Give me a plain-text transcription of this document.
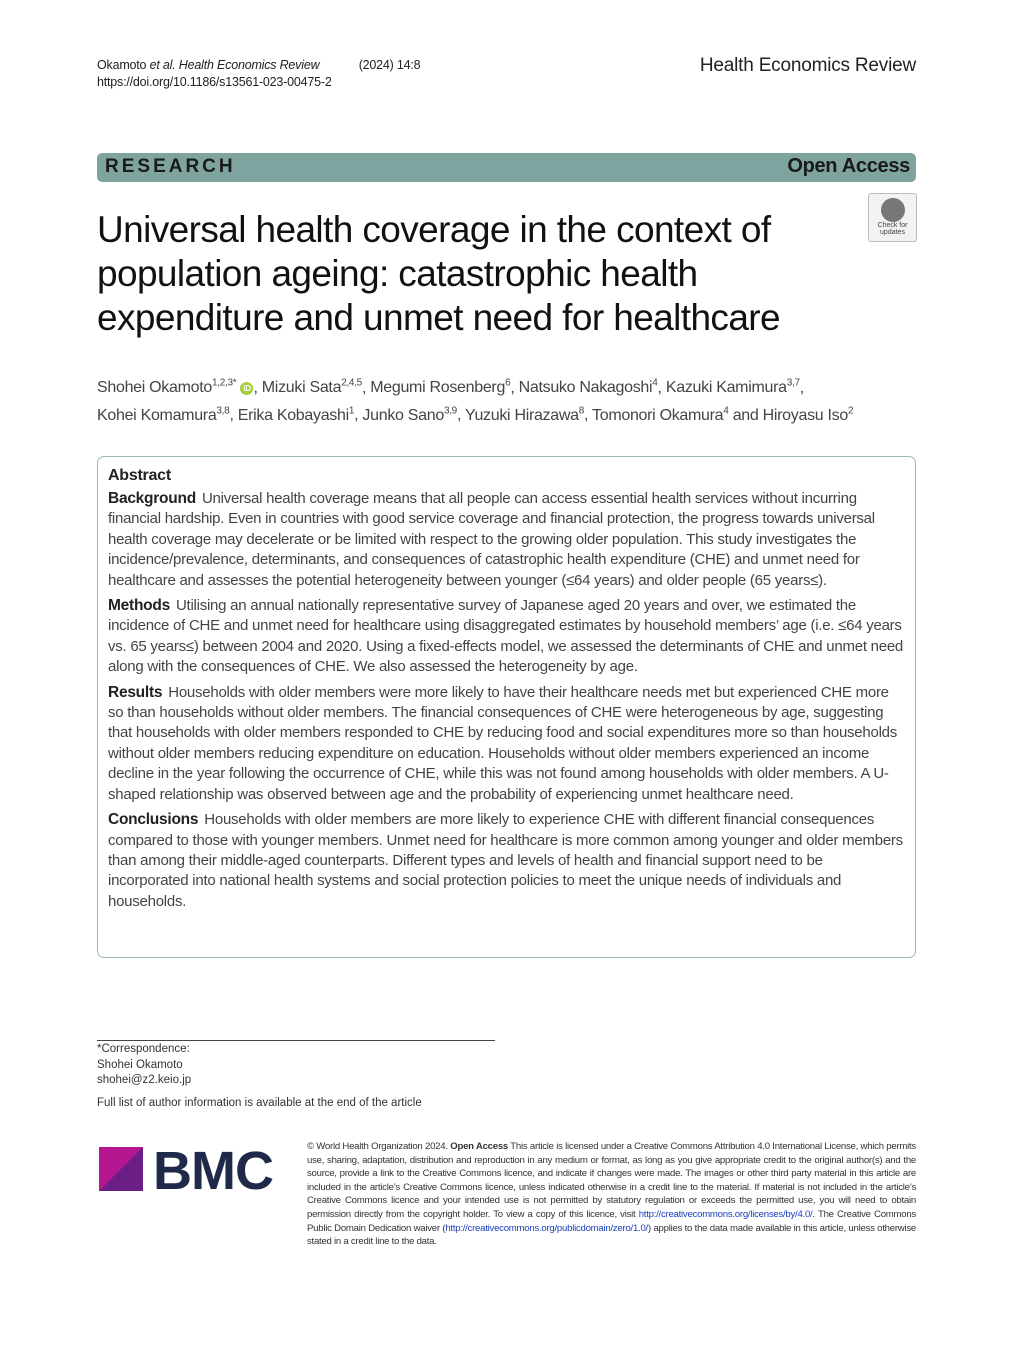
Okamoto et al. Health Economics Review	(2024) 14:8
https://doi.org/10.1186/s13561-023-00475-2
Health Economics Review
RESEARCH	Open Access
Universal health coverage in the context of population ageing: catastrophic health expenditure and unmet need for healthcare
Check for updates
Shohei Okamoto$^{1,2,3*}$ iD , Mizuki Sata$^{2,4,5}$, Megumi Rosenberg$^6$, Natsuko Nakagoshi$^4$, Kazuki Kamimura$^{3,7}$,
Kohei Komamura$^{3,8}$, Erika Kobayashi$^1$, Junko Sano$^{3,9}$, Yuzuki Hirazawa$^8$, Tomonori Okamura$^4$ and Hiroyasu Iso$^2$
Abstract

Background Universal health coverage means that all people can access essential health services without incurring financial hardship. Even in countries with good service coverage and financial protection, the progress towards universal health coverage may decelerate or be limited with respect to the growing older population. This study investigates the incidence/prevalence, determinants, and consequences of catastrophic health expenditure (CHE) and unmet need for healthcare and assesses the potential heterogeneity between younger (≤64 years) and older people (65 years≤).

Methods Utilising an annual nationally representative survey of Japanese aged 20 years and over, we estimated the incidence of CHE and unmet need for healthcare using disaggregated estimates by household members’ age (i.e. ≤64 years vs. 65 years≤) between 2004 and 2020. Using a fixed-effects model, we assessed the determinants of CHE and unmet need along with the consequences of CHE. We also assessed the heterogeneity by age.

Results Households with older members were more likely to have their healthcare needs met but experienced CHE more so than households without older members. The financial consequences of CHE were heterogeneous by age, suggesting that households with older members responded to CHE by reducing food and social expenditures more so than households without older members reducing expenditure on education. Households without older members experienced an income decline in the year following the occurrence of CHE, while this was not found among households with older members. A U-shaped relationship was observed between age and the probability of experiencing unmet healthcare need.

Conclusions Households with older members are more likely to experience CHE with different financial consequences compared to those with younger members. Unmet need for healthcare is more common among younger and older members than among their middle-aged counterparts. Different types and levels of health and financial support need to be incorporated into national health systems and social protection policies to meet the unique needs of individuals and households.

*Correspondence:
Shohei Okamoto
shohei@z2.keio.jp
Full list of author information is available at the end of the article
BMC	© World Health Organization 2024. Open Access This article is licensed under a Creative Commons Attribution 4.0 International License, which permits use, sharing, adaptation, distribution and reproduction in any medium or format, as long as you give appropriate credit to the original author(s) and the source, provide a link to the Creative Commons licence, and indicate if changes were made. The images or other third party material in this article are included in the article’s Creative Commons licence, unless indicated otherwise in a credit line to the material. If material is not included in the article’s Creative Commons licence and your intended use is not permitted by statutory regulation or exceeds the permitted use, you will need to obtain permission directly from the copyright holder. To view a copy of this licence, visit http://creativecommons.org/licenses/by/4.0/. The Creative Commons Public Domain Dedication waiver (http://creativecommons.org/publicdomain/zero/1.0/) applies to the data made available in this article, unless otherwise stated in a credit line to the data.
